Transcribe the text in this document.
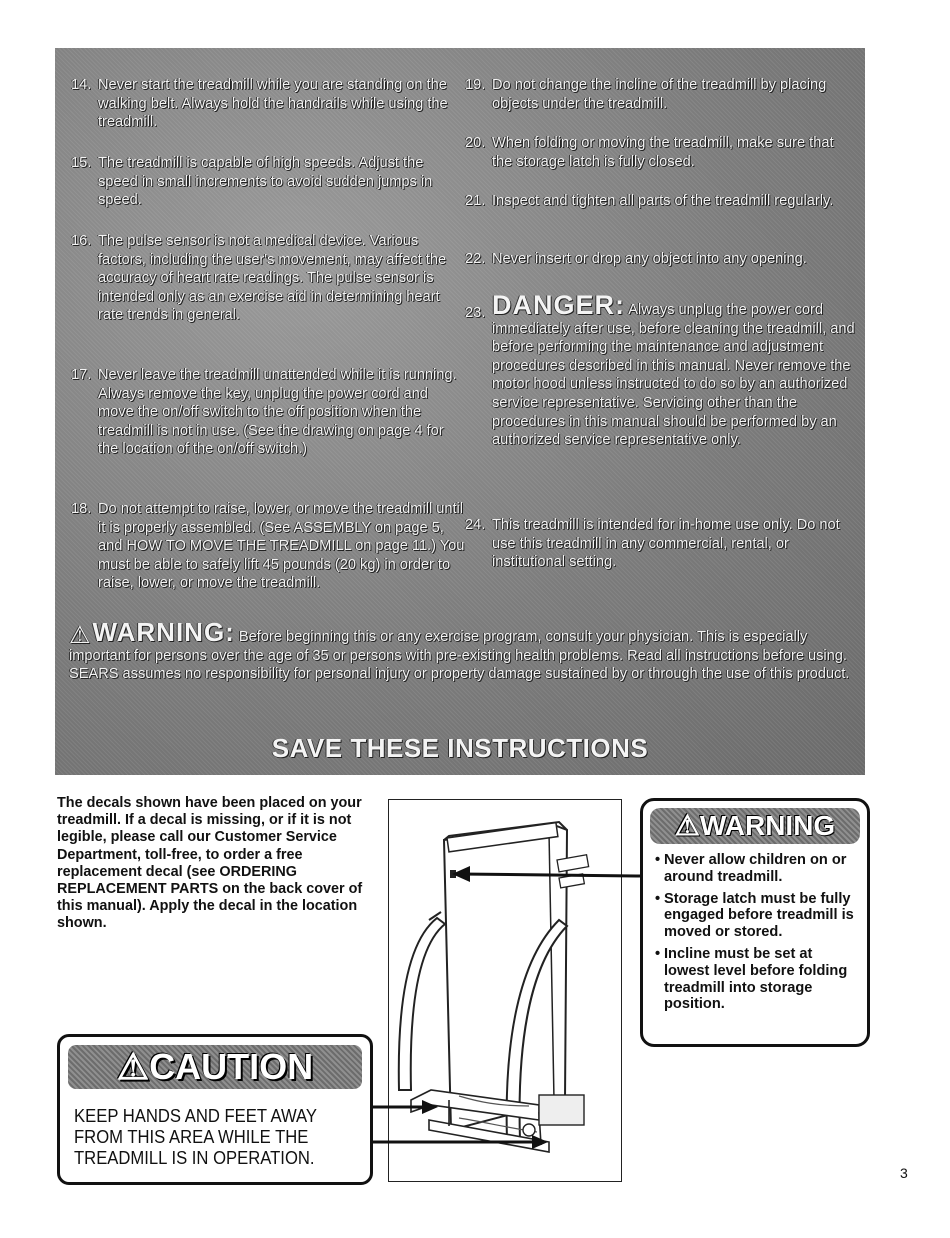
14. Never start the treadmill while you are standing on the walking belt. Always hold the handrails while using the treadmill.
15. The treadmill is capable of high speeds. Adjust the speed in small increments to avoid sudden jumps in speed.
16. The pulse sensor is not a medical device. Various factors, including the user's movement, may affect the accuracy of heart rate readings. The pulse sensor is intended only as an exercise aid in determining heart rate trends in general.
17. Never leave the treadmill unattended while it is running. Always remove the key, unplug the power cord and move the on/off switch to the off position when the treadmill is not in use. (See the drawing on page 4 for the location of the on/off switch.)
18. Do not attempt to raise, lower, or move the treadmill until it is properly assembled. (See ASSEMBLY on page 5, and HOW TO MOVE THE TREADMILL on page 11.) You must be able to safely lift 45 pounds (20 kg) in order to raise, lower, or move the treadmill.
19. Do not change the incline of the treadmill by placing objects under the treadmill.
20. When folding or moving the treadmill, make sure that the storage latch is fully closed.
21. Inspect and tighten all parts of the treadmill regularly.
22. Never insert or drop any object into any opening.
23. DANGER: Always unplug the power cord immediately after use, before cleaning the treadmill, and before performing the maintenance and adjustment procedures described in this manual. Never remove the motor hood unless instructed to do so by an authorized service representative. Servicing other than the procedures in this manual should be performed by an authorized service representative only.
24. This treadmill is intended for in-home use only. Do not use this treadmill in any commercial, rental, or institutional setting.
⚠WARNING: Before beginning this or any exercise program, consult your physician. This is especially important for persons over the age of 35 or persons with pre-existing health problems. Read all instructions before using. SEARS assumes no responsibility for personal injury or property damage sustained by or through the use of this product.
SAVE THESE INSTRUCTIONS
The decals shown have been placed on your treadmill. If a decal is missing, or if it is not legible, please call our Customer Service Department, toll-free, to order a free replacement decal (see ORDERING REPLACEMENT PARTS on the back cover of this manual). Apply the decal in the location shown.
⚠WARNING
• Never allow children on or around treadmill.
• Storage latch must be fully engaged before treadmill is moved or stored.
• Incline must be set at lowest level before folding treadmill into storage position.
⚠CAUTION
KEEP HANDS AND FEET AWAY FROM THIS AREA WHILE THE TREADMILL IS IN OPERATION.
3
